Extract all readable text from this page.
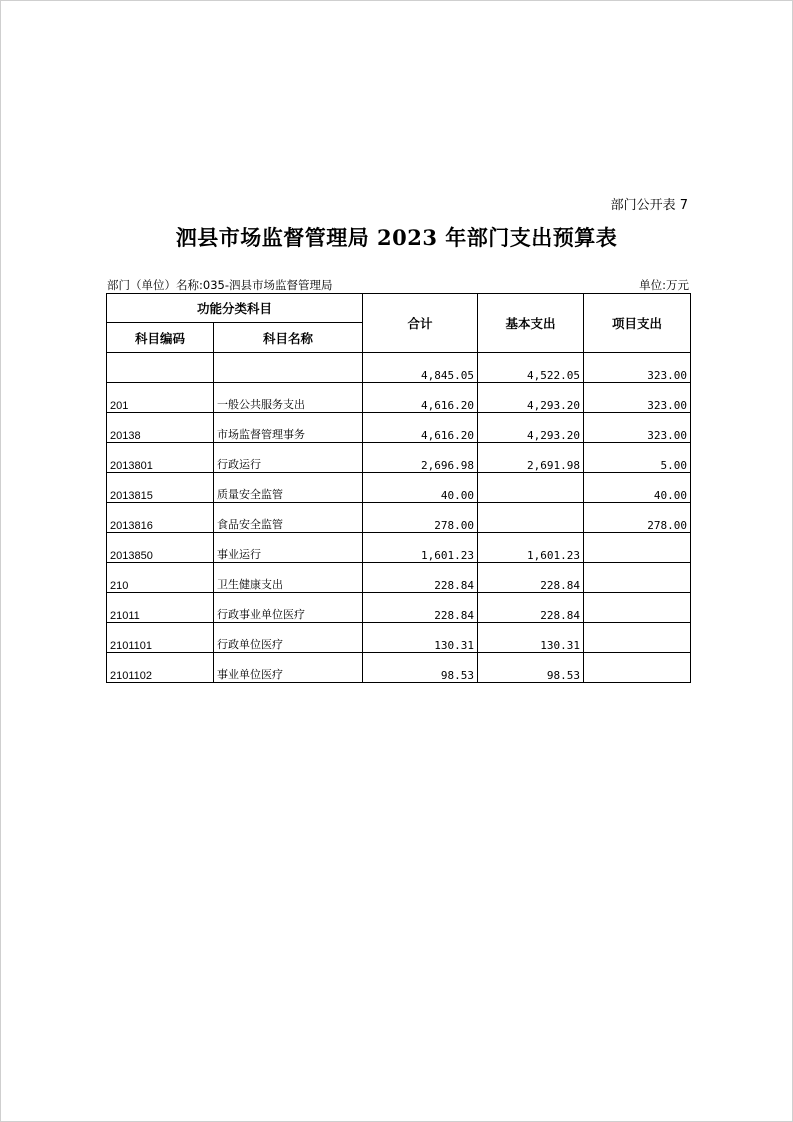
部门公开表 7
泗县市场监督管理局 2023 年部门支出预算表
部门（单位）名称:035-泗县市场监督管理局	单位:万元
功能分类科目		合计	基本支出	项目支出
科目编码	科目名称			
		4,845.05	4,522.05	323.00
201	一般公共服务支出	4,616.20	4,293.20	323.00
20138	市场监督管理事务	4,616.20	4,293.20	323.00
2013801	行政运行	2,696.98	2,691.98	5.00
2013815	质量安全监管	40.00		40.00
2013816	食品安全监管	278.00		278.00
2013850	事业运行	1,601.23	1,601.23	
210	卫生健康支出	228.84	228.84	
21011	行政事业单位医疗	228.84	228.84	
2101101	行政单位医疗	130.31	130.31	
2101102	事业单位医疗	98.53	98.53	
